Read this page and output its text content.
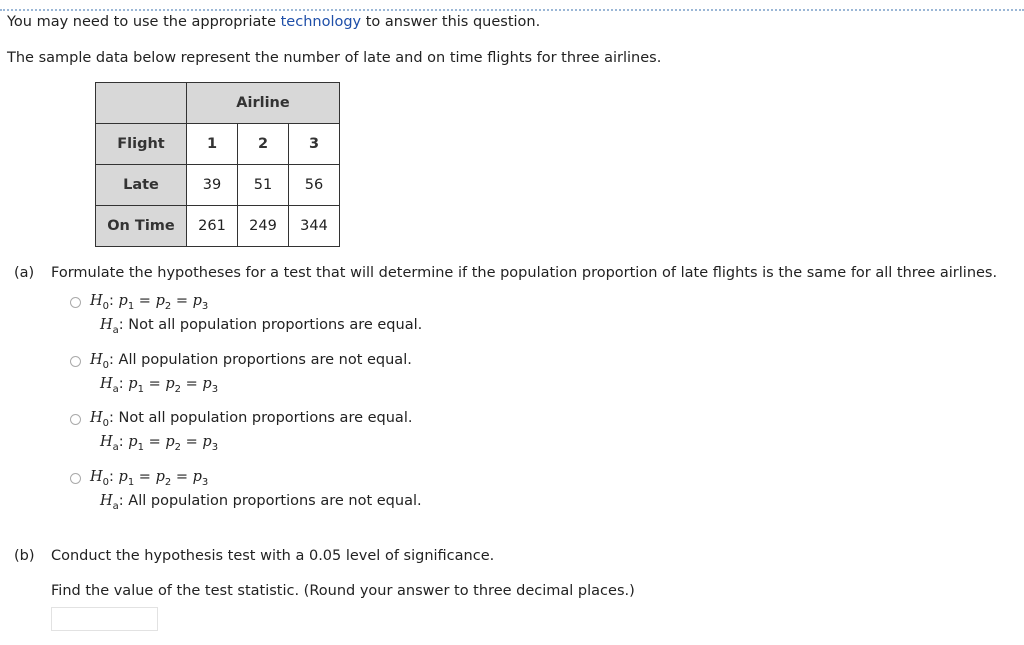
You may need to use the appropriate technology to answer this question.
The sample data below represent the number of late and on time flights for three airlines.
	Airline		
Flight	1	2	3
Late	39	51	56
On Time	261	249	344
(a) Formulate the hypotheses for a test that will determine if the population proportion of late flights is the same for all three airlines.
$H_0$: $p_1 = p_2 = p_3$
$H_a$: Not all population proportions are equal.
$H_0$: All population proportions are not equal.
$H_a$: $p_1 = p_2 = p_3$
$H_0$: Not all population proportions are equal.
$H_a$: $p_1 = p_2 = p_3$
$H_0$: $p_1 = p_2 = p_3$
$H_a$: All population proportions are not equal.
(b) Conduct the hypothesis test with a 0.05 level of significance.
Find the value of the test statistic. (Round your answer to three decimal places.)
